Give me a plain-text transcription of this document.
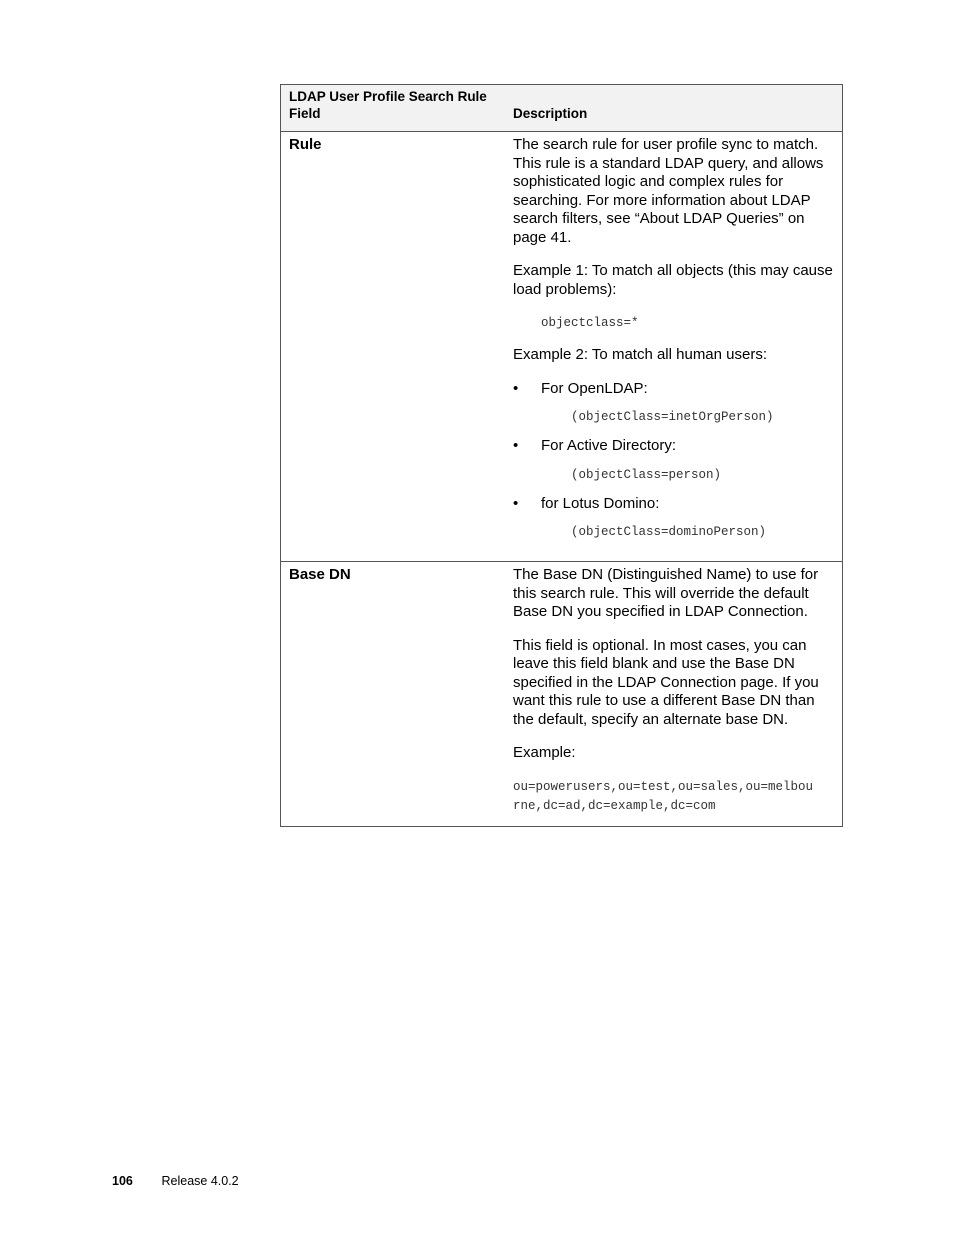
LDAP User Profile Search Rule Field	Description
Rule	The search rule for user profile sync to match. This rule is a standard LDAP query, and allows sophisticated logic and complex rules for searching. For more information about LDAP search filters, see “About LDAP Queries” on page 41.

Example 1: To match all objects (this may cause load problems):

objectclass=*

Example 2: To match all human users:

•	For OpenLDAP:
(objectClass=inetOrgPerson)
•	For Active Directory:
(objectClass=person)
•	for Lotus Domino:
(objectClass=dominoPerson)
Base DN	The Base DN (Distinguished Name) to use for this search rule. This will override the default Base DN you specified in LDAP Connection.

This field is optional. In most cases, you can leave this field blank and use the Base DN specified in the LDAP Connection page. If you want this rule to use a different Base DN than the default, specify an alternate base DN.

Example:

ou=powerusers,ou=test,ou=sales,ou=melbou
rne,dc=ad,dc=example,dc=com
106 Release 4.0.2
